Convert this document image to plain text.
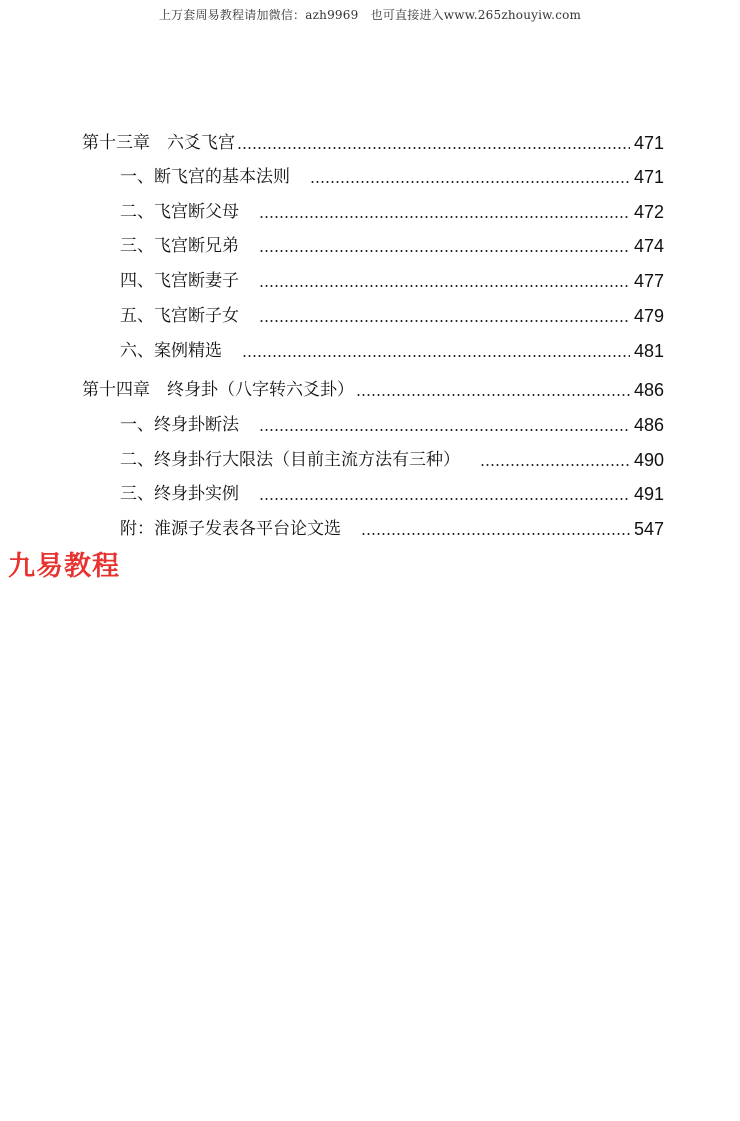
上万套周易教程请加微信：azh9969　也可直接进入www.265zhouyiw.com
第十三章　六爻飞宫	471
一、断飞宫的基本法则	471
二、飞宫断父母	472
三、飞宫断兄弟	474
四、飞宫断妻子	477
五、飞宫断子女	479
六、案例精选	481
第十四章　终身卦（八字转六爻卦）	486
一、终身卦断法	486
二、终身卦行大限法（目前主流方法有三种）	490
三、终身卦实例	491
附：淮源子发表各平台论文选	547
九易教程
